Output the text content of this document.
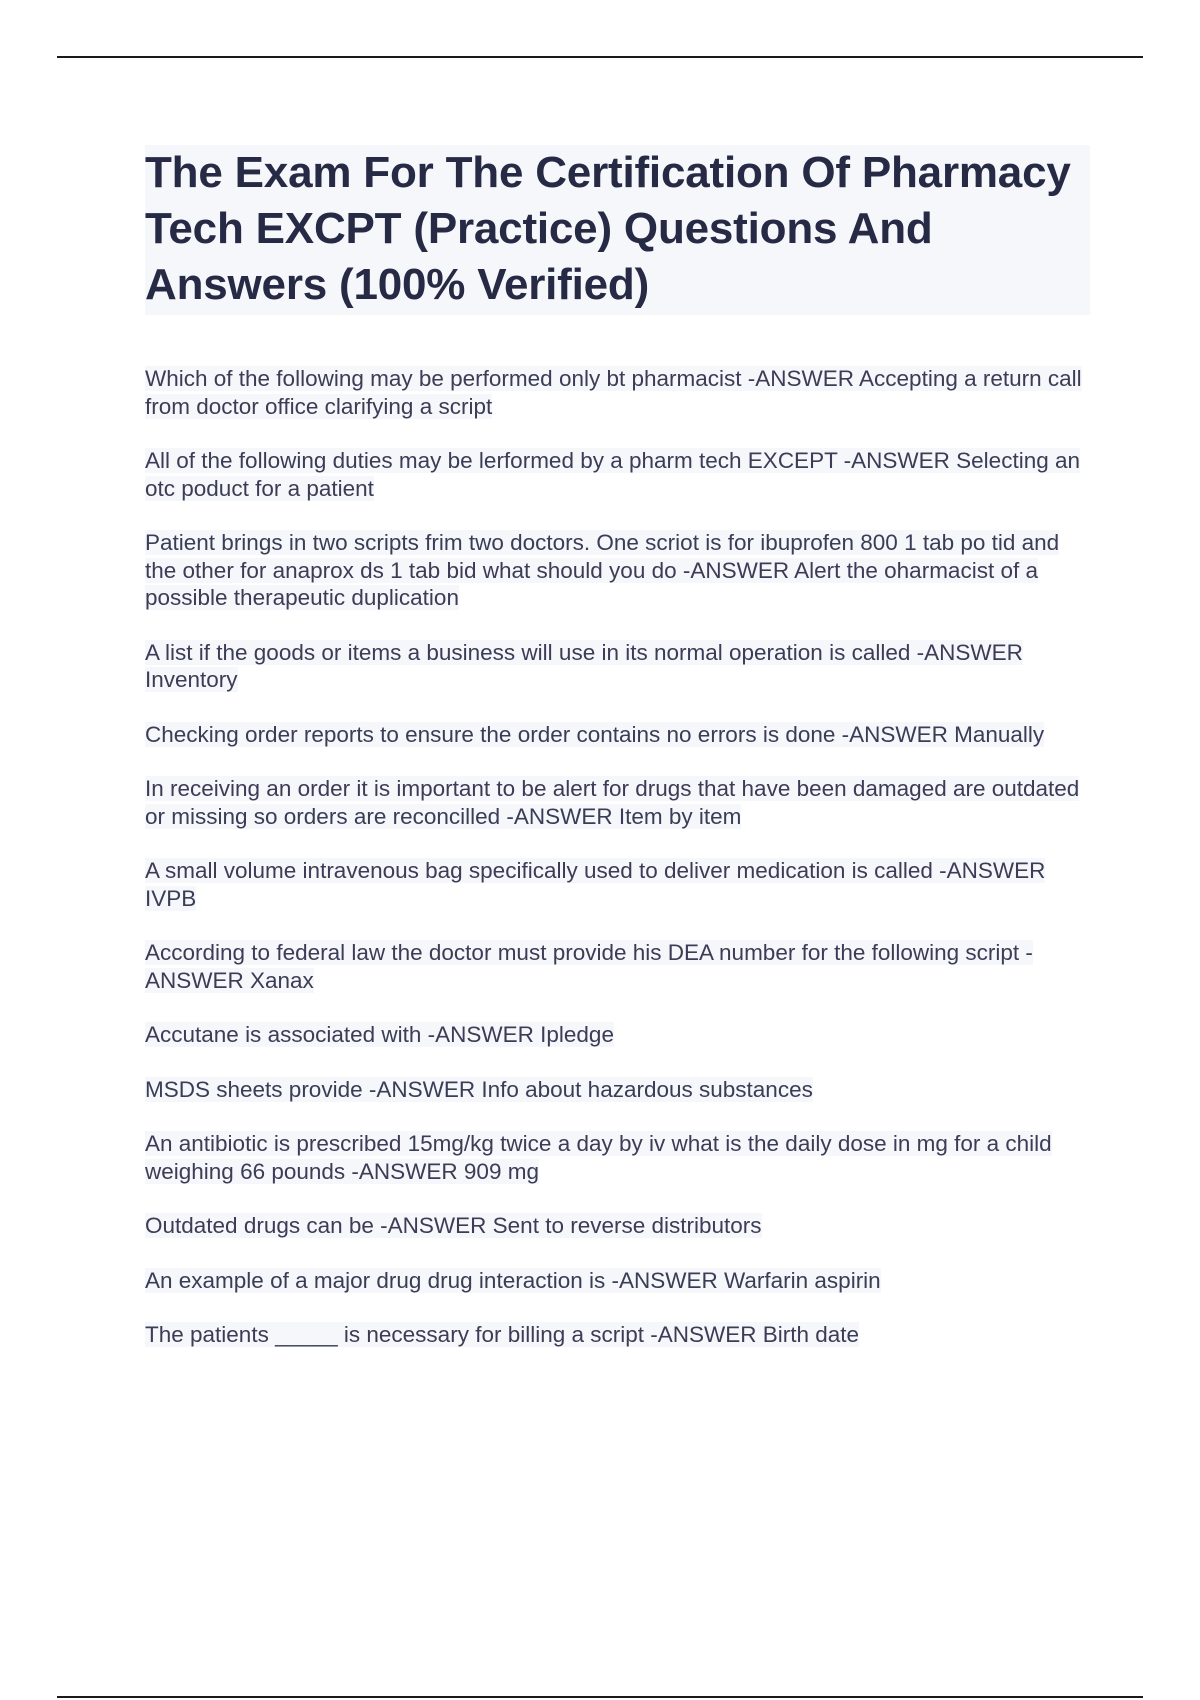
The Exam For The Certification Of Pharmacy Tech EXCPT (Practice) Questions And Answers (100% Verified)
Which of the following may be performed only bt pharmacist -ANSWER Accepting a return call from doctor office clarifying a script
All of the following duties may be lerformed by a pharm tech EXCEPT -ANSWER Selecting an otc poduct for a patient
Patient brings in two scripts frim two doctors. One scriot is for ibuprofen 800 1 tab po tid and the other for anaprox ds 1 tab bid what should you do -ANSWER Alert the oharmacist of a possible therapeutic duplication
A list if the goods or items a business will use in its normal operation is called -ANSWER Inventory
Checking order reports to ensure the order contains no errors is done -ANSWER Manually
In receiving an order it is important to be alert for drugs that have been damaged are outdated or missing so orders are reconcilled -ANSWER Item by item
A small volume intravenous bag specifically used to deliver medication is called -ANSWER IVPB
According to federal law the doctor must provide his DEA number for the following script -ANSWER Xanax
Accutane is associated with -ANSWER Ipledge
MSDS sheets provide -ANSWER Info about hazardous substances
An antibiotic is prescribed 15mg/kg twice a day by iv what is the daily dose in mg for a child weighing 66 pounds -ANSWER 909 mg
Outdated drugs can be -ANSWER Sent to reverse distributors
An example of a major drug drug interaction is -ANSWER Warfarin aspirin
The patients _____ is necessary for billing a script -ANSWER Birth date
